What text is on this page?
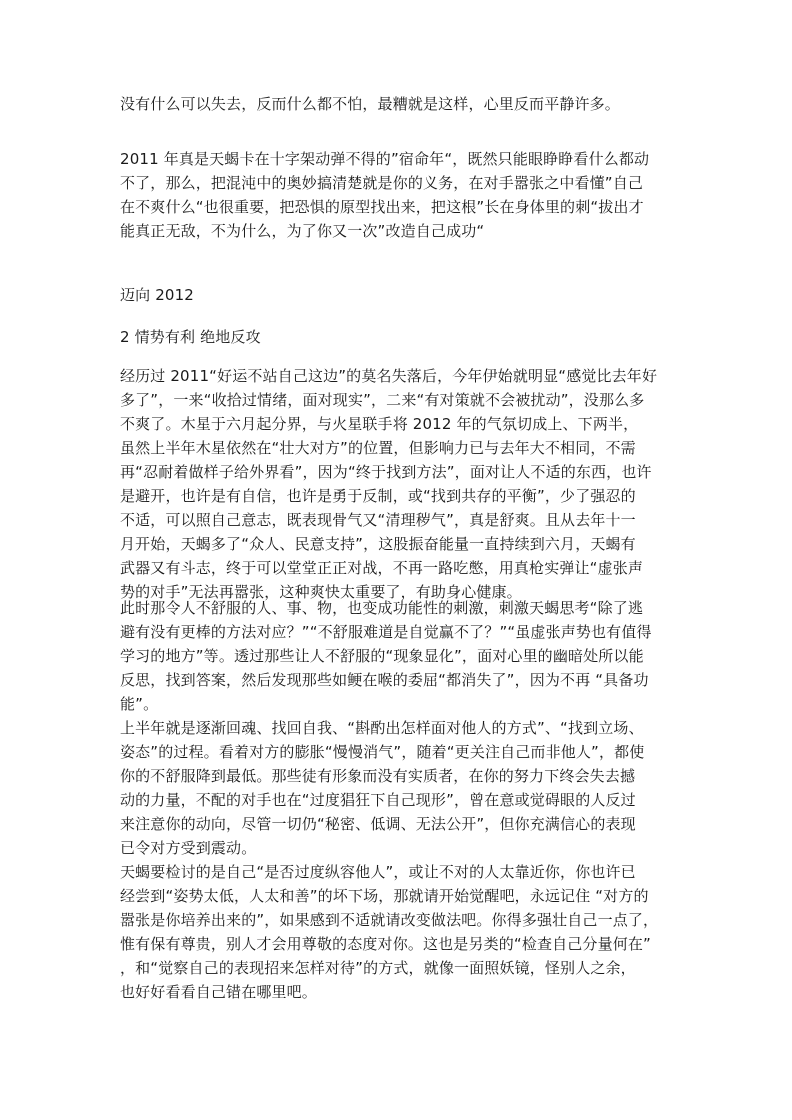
没有什么可以失去，反而什么都不怕，最糟就是这样，心里反而平静许多。
2011 年真是天蝎卡在十字架动弹不得的”宿命年“，既然只能眼睁睁看什么都动
不了，那么，把混沌中的奥妙搞清楚就是你的义务，在对手嚣张之中看懂”自己
在不爽什么“也很重要，把恐惧的原型找出来，把这根”长在身体里的刺“拔出才
能真正无敌，不为什么，为了你又一次”改造自己成功“
迈向 2012
2 情势有利 绝地反攻
经历过 2011“好运不站自己这边”的莫名失落后，今年伊始就明显“感觉比去年好
多了”，一来“收拾过情绪，面对现实”，二来“有对策就不会被扰动”，没那么多
不爽了。木星于六月起分界，与火星联手将 2012 年的气氛切成上、下两半，
虽然上半年木星依然在“壮大对方”的位置，但影响力已与去年大不相同，不需
再“忍耐着做样子给外界看”，因为“终于找到方法”，面对让人不适的东西，也许
是避开，也许是有自信，也许是勇于反制，或“找到共存的平衡”，少了强忍的
不适，可以照自己意志，既表现骨气又“清理秽气”，真是舒爽。且从去年十一
月开始，天蝎多了“众人、民意支持”，这股振奋能量一直持续到六月，天蝎有
武器又有斗志，终于可以堂堂正正对战，不再一路吃憋，用真枪实弹让“虚张声
势的对手”无法再嚣张，这种爽快太重要了，有助身心健康。
此时那令人不舒服的人、事、物，也变成功能性的刺激，刺激天蝎思考“除了逃
避有没有更棒的方法对应？”“不舒服难道是自觉赢不了？”“虽虚张声势也有值得
学习的地方”等。透过那些让人不舒服的“现象显化”，面对心里的幽暗处所以能
反思，找到答案，然后发现那些如鲠在喉的委屈“都消失了”，因为不再 “具备功
能”。
上半年就是逐渐回魂、找回自我、“斟酌出怎样面对他人的方式”、“找到立场、
姿态”的过程。看着对方的膨胀“慢慢消气”，随着“更关注自己而非他人”，都使
你的不舒服降到最低。那些徒有形象而没有实质者，在你的努力下终会失去撼
动的力量，不配的对手也在“过度猖狂下自己现形”，曾在意或觉碍眼的人反过
来注意你的动向，尽管一切仍“秘密、低调、无法公开”，但你充满信心的表现
已令对方受到震动。
天蝎要检讨的是自己“是否过度纵容他人”，或让不对的人太靠近你，你也许已
经尝到“姿势太低，人太和善”的坏下场，那就请开始觉醒吧，永远记住 “对方的
嚣张是你培养出来的”，如果感到不适就请改变做法吧。你得多强壮自己一点了，
惟有保有尊贵，别人才会用尊敬的态度对你。这也是另类的“检查自己分量何在”
，和“觉察自己的表现招来怎样对待”的方式，就像一面照妖镜，怪别人之余，
也好好看看自己错在哪里吧。
